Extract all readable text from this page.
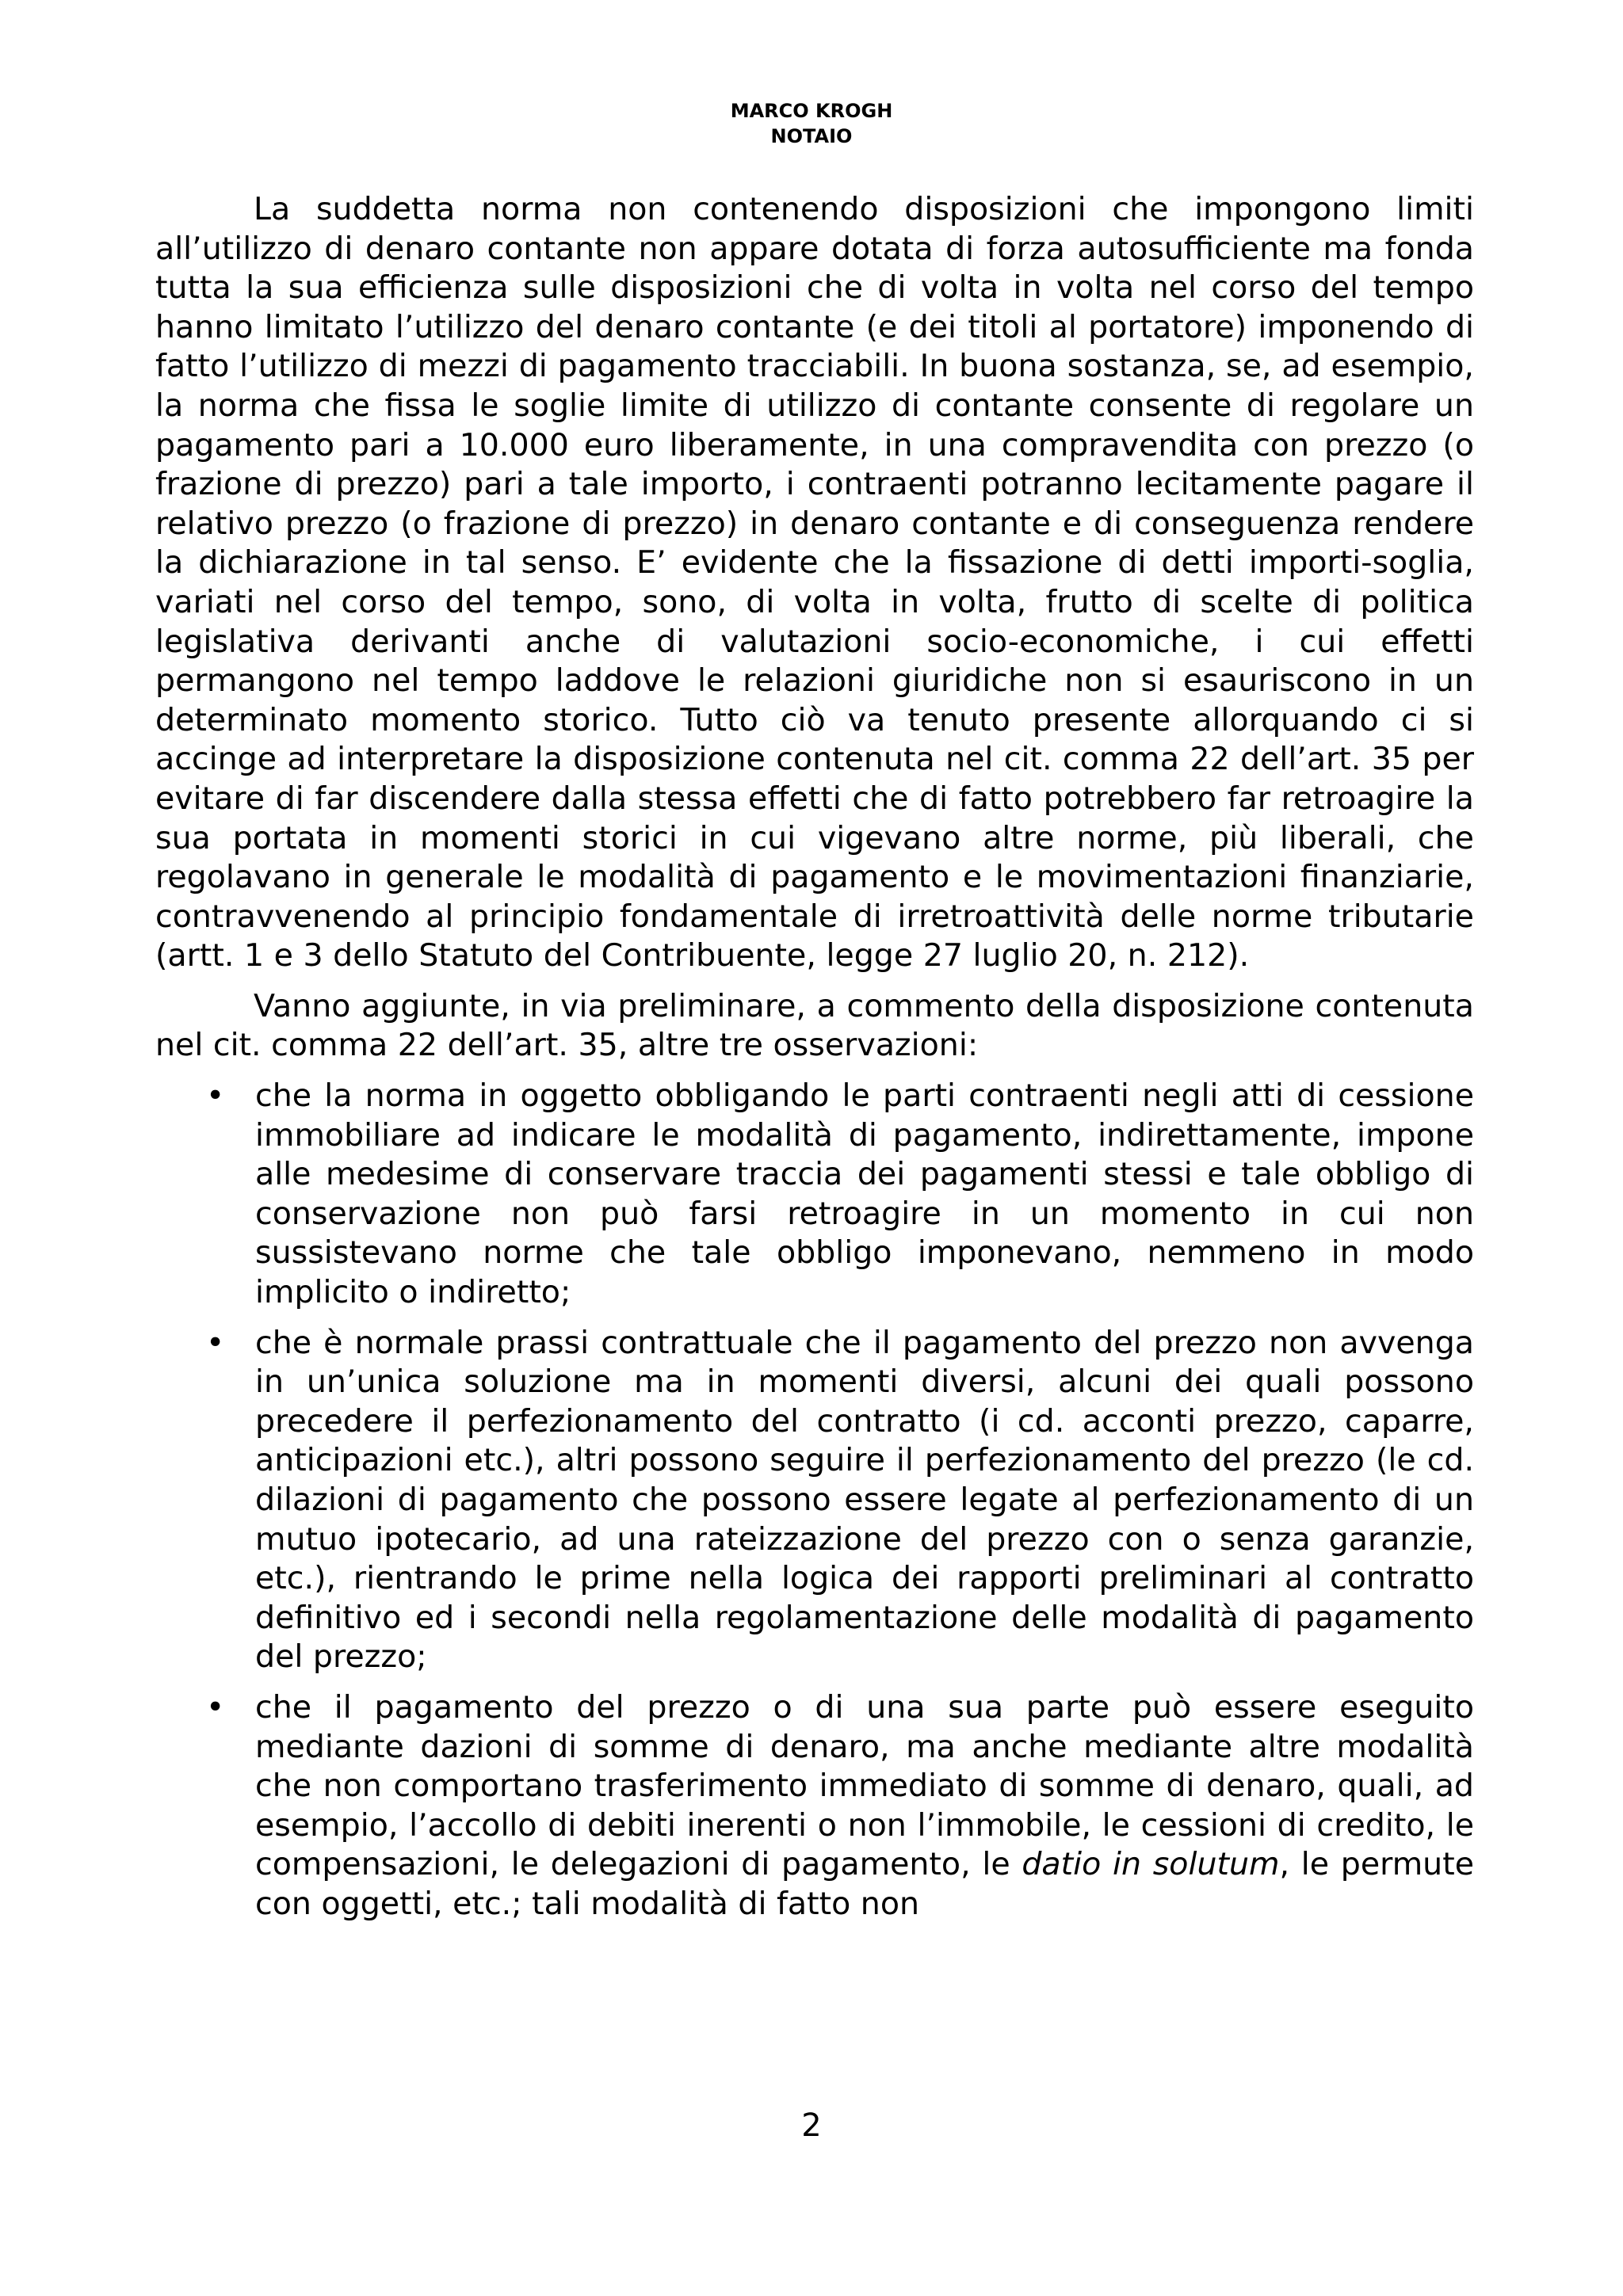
MARCO KROGH
NOTAIO

La suddetta norma non contenendo disposizioni che impongono limiti all’utilizzo di denaro contante non appare dotata di forza autosufficiente ma fonda tutta la sua efficienza sulle disposizioni che di volta in volta nel corso del tempo hanno limitato l’utilizzo del denaro contante (e dei titoli al portatore) imponendo di fatto l’utilizzo di mezzi di pagamento tracciabili. In buona sostanza, se, ad esempio, la norma che fissa le soglie limite di utilizzo di contante consente di regolare un pagamento pari a 10.000 euro liberamente, in una compravendita con prezzo (o frazione di prezzo) pari a tale importo, i contraenti potranno lecitamente pagare il relativo prezzo (o frazione di prezzo) in denaro contante e di conseguenza rendere la dichiarazione in tal senso. E’ evidente che la fissazione di detti importi-soglia, variati nel corso del tempo, sono, di volta in volta, frutto di scelte di politica legislativa derivanti anche di valutazioni socio-economiche, i cui effetti permangono nel tempo laddove le relazioni giuridiche non si esauriscono in un determinato momento storico. Tutto ciò va tenuto presente allorquando ci si accinge ad interpretare la disposizione contenuta nel cit. comma 22 dell’art. 35 per evitare di far discendere dalla stessa effetti che di fatto potrebbero far retroagire la sua portata in momenti storici in cui vigevano altre norme, più liberali, che regolavano in generale le modalità di pagamento e le movimentazioni finanziarie, contravvenendo al principio fondamentale di irretroattività delle norme tributarie (artt. 1 e 3 dello Statuto del Contribuente, legge 27 luglio 20, n. 212).

Vanno aggiunte, in via preliminare, a commento della disposizione contenuta nel cit. comma 22 dell’art. 35, altre tre osservazioni:

• che la norma in oggetto obbligando le parti contraenti negli atti di cessione immobiliare ad indicare le modalità di pagamento, indirettamente, impone alle medesime di conservare traccia dei pagamenti stessi e tale obbligo di conservazione non può farsi retroagire in un momento in cui non sussistevano norme che tale obbligo imponevano, nemmeno in modo implicito o indiretto;
• che è normale prassi contrattuale che il pagamento del prezzo non avvenga in un’unica soluzione ma in momenti diversi, alcuni dei quali possono precedere il perfezionamento del contratto (i cd. acconti prezzo, caparre, anticipazioni etc.), altri possono seguire il perfezionamento del prezzo (le cd. dilazioni di pagamento che possono essere legate al perfezionamento di un mutuo ipotecario, ad una rateizzazione del prezzo con o senza garanzie, etc.), rientrando le prime nella logica dei rapporti preliminari al contratto definitivo ed i secondi nella regolamentazione delle modalità di pagamento del prezzo;
• che il pagamento del prezzo o di una sua parte può essere eseguito mediante dazioni di somme di denaro, ma anche mediante altre modalità che non comportano trasferimento immediato di somme di denaro, quali, ad esempio, l’accollo di debiti inerenti o non l’immobile, le cessioni di credito, le compensazioni, le delegazioni di pagamento, le datio in solutum, le permute con oggetti, etc.; tali modalità di fatto non
2
